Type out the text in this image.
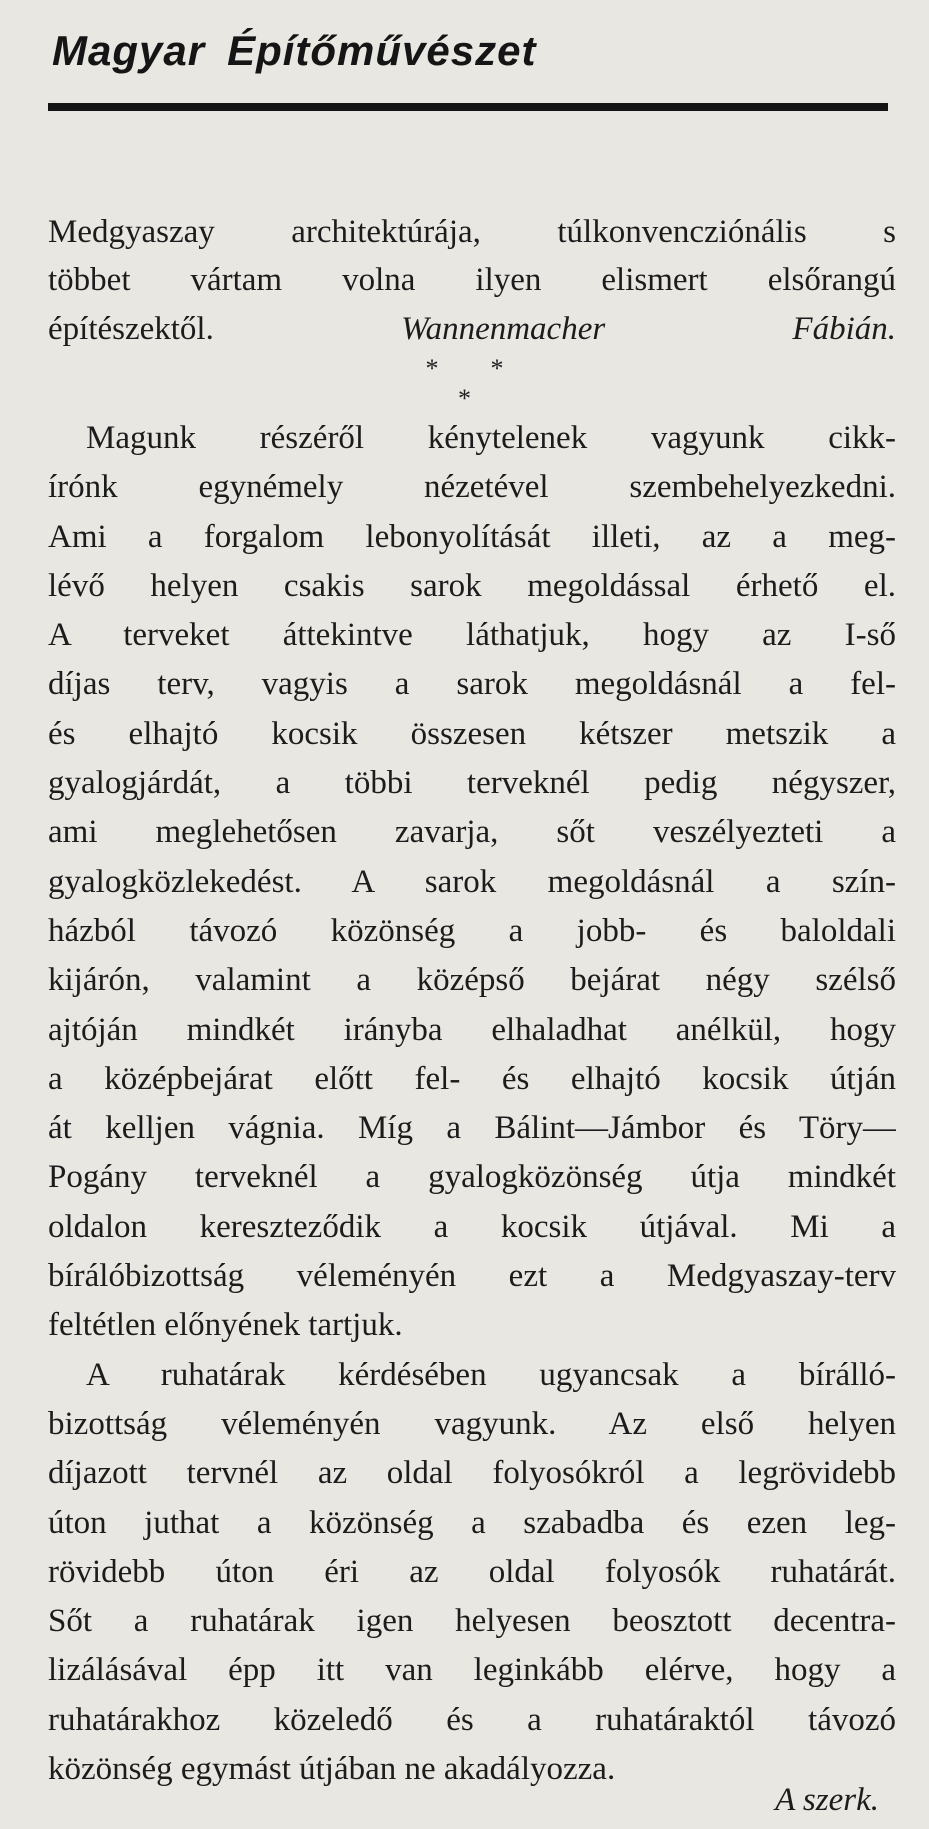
Magyar Építőművészet
Medgyaszay architektúrája, túlkonvencziónális s
többet vártam volna ilyen elismert elsőrangú
építészektől.	Wannenmacher Fábián.
* *
*
Magunk részéről kénytelenek vagyunk cikk-
írónk egynémely nézetével szembehelyezkedni.
Ami a forgalom lebonyolítását illeti, az a meg-
lévő helyen csakis sarok megoldással érhető el.
A terveket áttekintve láthatjuk, hogy az I-ső
díjas terv, vagyis a sarok megoldásnál a fel-
és elhajtó kocsik összesen kétszer metszik a
gyalogjárdát, a többi terveknél pedig négyszer,
ami meglehetősen zavarja, sőt veszélyezteti a
gyalogközlekedést. A sarok megoldásnál a szín-
házból távozó közönség a jobb- és baloldali
kijárón, valamint a középső bejárat négy szélső
ajtóján mindkét irányba elhaladhat anélkül, hogy
a középbejárat előtt fel- és elhajtó kocsik útján
át kelljen vágnia. Míg a Bálint—Jámbor és Töry—
Pogány terveknél a gyalogközönség útja mindkét
oldalon kereszteződik a kocsik útjával. Mi a
bírálóbizottság véleményén ezt a Medgyaszay-terv
feltétlen előnyének tartjuk.
A ruhatárak kérdésében ugyancsak a bírálló-
bizottság véleményén vagyunk. Az első helyen
díjazott tervnél az oldal folyosókról a legrövidebb
úton juthat a közönség a szabadba és ezen leg-
rövidebb úton éri az oldal folyosók ruhatárát.
Sőt a ruhatárak igen helyesen beosztott decentra-
lizálásával épp itt van leginkább elérve, hogy a
ruhatárakhoz közeledő és a ruhatáraktól távozó
közönség egymást útjában ne akadályozza.
A szerk.
